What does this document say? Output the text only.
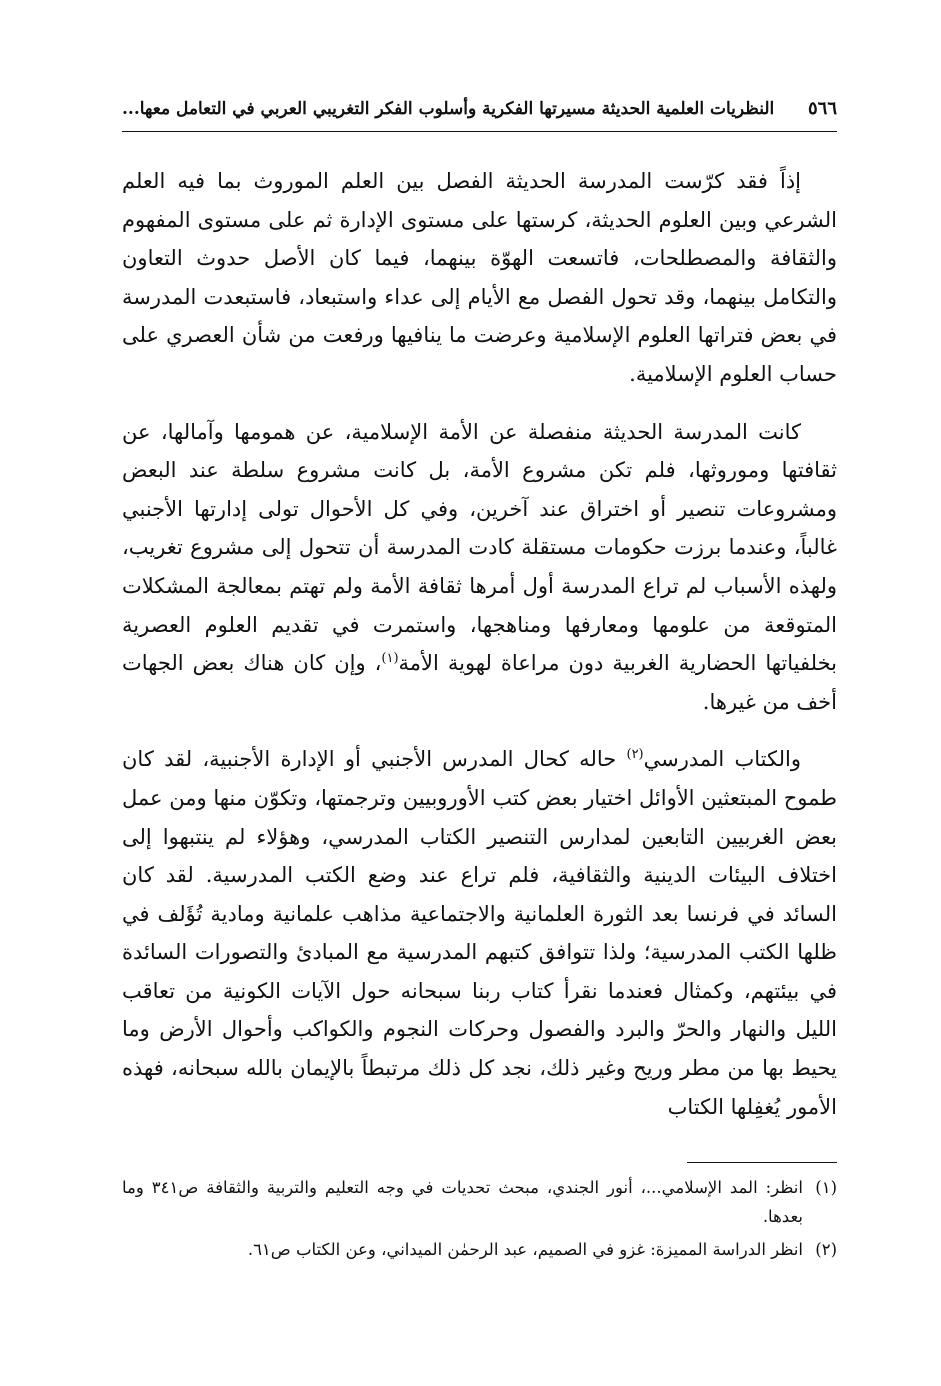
٥٦٦
النظريات العلمية الحديثة مسيرتها الفكرية وأسلوب الفكر التغريبي العربي في التعامل معها...

إذاً فقد كرّست المدرسة الحديثة الفصل بين العلم الموروث بما فيه العلم الشرعي وبين العلوم الحديثة، كرستها على مستوى الإدارة ثم على مستوى المفهوم والثقافة والمصطلحات، فاتسعت الهوّة بينهما، فيما كان الأصل حدوث التعاون والتكامل بينهما، وقد تحول الفصل مع الأيام إلى عداء واستبعاد، فاستبعدت المدرسة في بعض فتراتها العلوم الإسلامية وعرضت ما ينافيها ورفعت من شأن العصري على حساب العلوم الإسلامية.

كانت المدرسة الحديثة منفصلة عن الأمة الإسلامية، عن همومها وآمالها، عن ثقافتها وموروثها، فلم تكن مشروع الأمة، بل كانت مشروع سلطة عند البعض ومشروعات تنصير أو اختراق عند آخرين، وفي كل الأحوال تولى إدارتها الأجنبي غالباً، وعندما برزت حكومات مستقلة كادت المدرسة أن تتحول إلى مشروع تغريب، ولهذه الأسباب لم تراع المدرسة أول أمرها ثقافة الأمة ولم تهتم بمعالجة المشكلات المتوقعة من علومها ومعارفها ومناهجها، واستمرت في تقديم العلوم العصرية بخلفياتها الحضارية الغربية دون مراعاة لهوية الأمة$^{(١)}$، وإن كان هناك بعض الجهات أخف من غيرها.

والكتاب المدرسي$^{(٢)}$ حاله كحال المدرس الأجنبي أو الإدارة الأجنبية، لقد كان طموح المبتعثين الأوائل اختيار بعض كتب الأوروبيين وترجمتها، وتكوّن منها ومن عمل بعض الغربيين التابعين لمدارس التنصير الكتاب المدرسي، وهؤلاء لم ينتبهوا إلى اختلاف البيئات الدينية والثقافية، فلم تراع عند وضع الكتب المدرسية. لقد كان السائد في فرنسا بعد الثورة العلمانية والاجتماعية مذاهب علمانية ومادية تُؤَلف في ظلها الكتب المدرسية؛ ولذا تتوافق كتبهم المدرسية مع المبادئ والتصورات السائدة في بيئتهم، وكمثال فعندما نقرأ كتاب ربنا سبحانه حول الآيات الكونية من تعاقب الليل والنهار والحرّ والبرد والفصول وحركات النجوم والكواكب وأحوال الأرض وما يحيط بها من مطر وريح وغير ذلك، نجد كل ذلك مرتبطاً بالإيمان بالله سبحانه، فهذه الأمور يُغفِلها الكتاب

(١)
انظر: المد الإسلامي...، أنور الجندي، مبحث تحديات في وجه التعليم والتربية والثقافة ص٣٤١ وما بعدها.
(٢)
انظر الدراسة المميزة: غزو في الصميم، عبد الرحمٰن الميداني، وعن الكتاب ص٦١.
